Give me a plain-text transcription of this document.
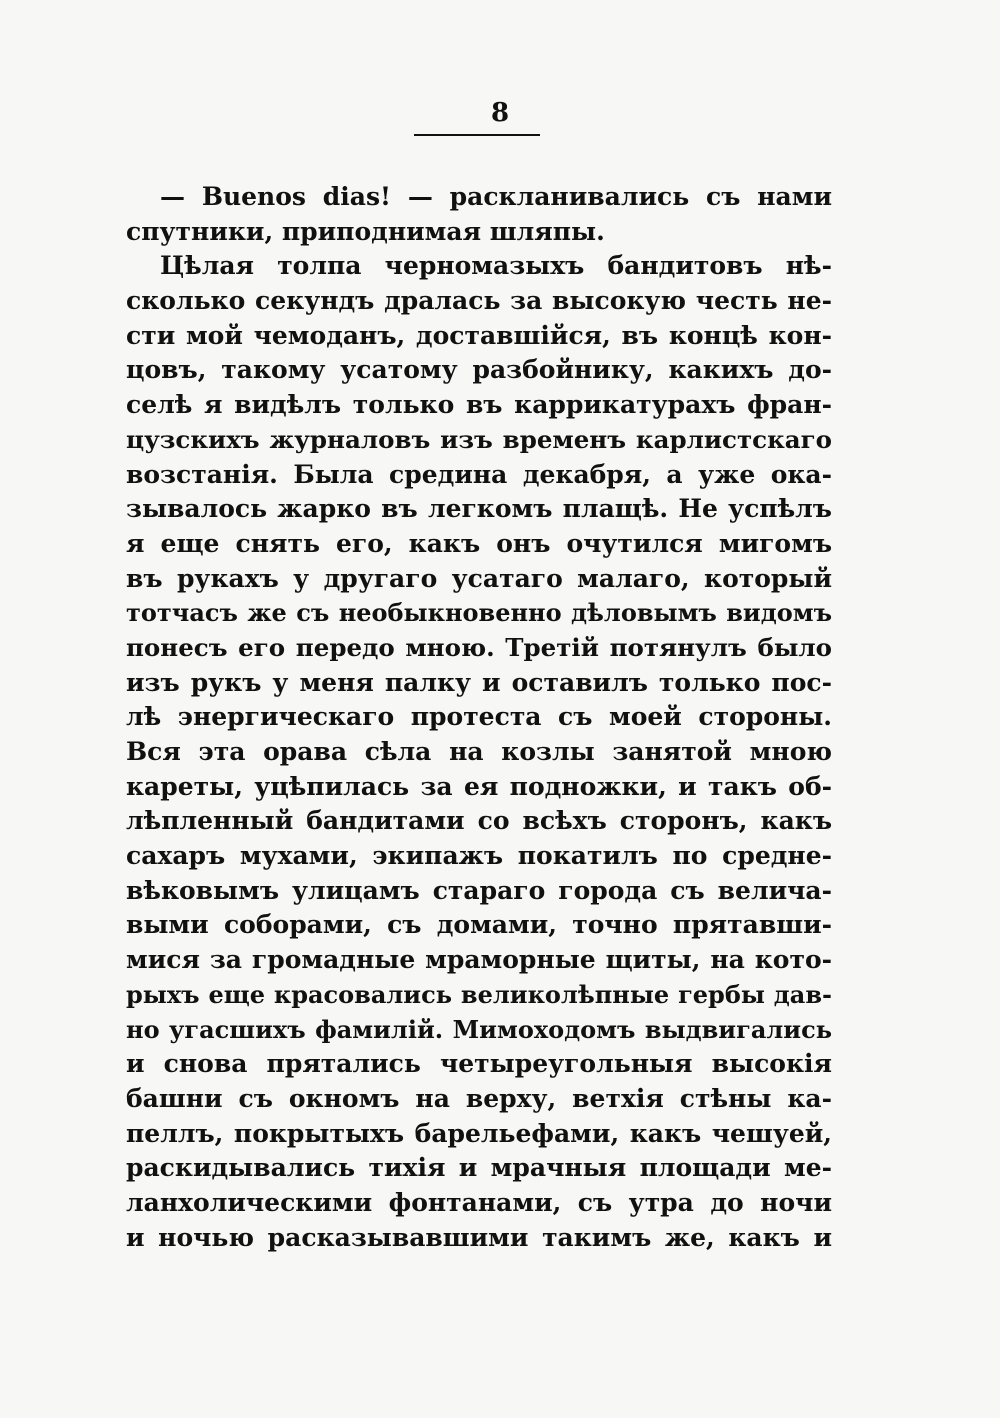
8
— Buenos dias! — раскланивались съ нами
спутники, приподнимая шляпы.
Цѣлая толпа черномазыхъ бандитовъ нѣ-
сколько секундъ дралась за высокую честь не-
сти мой чемоданъ, доставшійся, въ концѣ кон-
цовъ, такому усатому разбойнику, какихъ до-
селѣ я видѣлъ только въ каррикатурахъ фран-
цузскихъ журналовъ изъ временъ карлистскаго
возстанія. Была средина декабря, а уже ока-
зывалось жарко въ легкомъ плащѣ. Не успѣлъ
я еще снять его, какъ онъ очутился мигомъ
въ рукахъ у другаго усатаго малаго, который
тотчасъ же съ необыкновенно дѣловымъ видомъ
понесъ его передо мною. Третій потянулъ было
изъ рукъ у меня палку и оставилъ только пос-
лѣ энергическаго протеста съ моей стороны.
Вся эта орава сѣла на козлы занятой мною
кареты, уцѣпилась за ея подножки, и такъ об-
лѣпленный бандитами со всѣхъ сторонъ, какъ
сахаръ мухами, экипажъ покатилъ по средне-
вѣковымъ улицамъ стараго города съ величa-
выми соборами, съ домами, точно прятавши-
мися за громадные мраморные щиты, на кото-
рыхъ еще красовались великолѣпные гербы дав-
но угасшихъ фамилій. Мимоходомъ выдвигались
и снова прятались четыреугольныя высокія
башни съ окномъ на верху, ветхія стѣны ка-
пеллъ, покрытыхъ барельефами, какъ чешуей,
раскидывались тихія и мрачныя площади ме-
ланхолическими фонтанами, съ утра до ночи
и ночью расказывавшими такимъ же, какъ и
